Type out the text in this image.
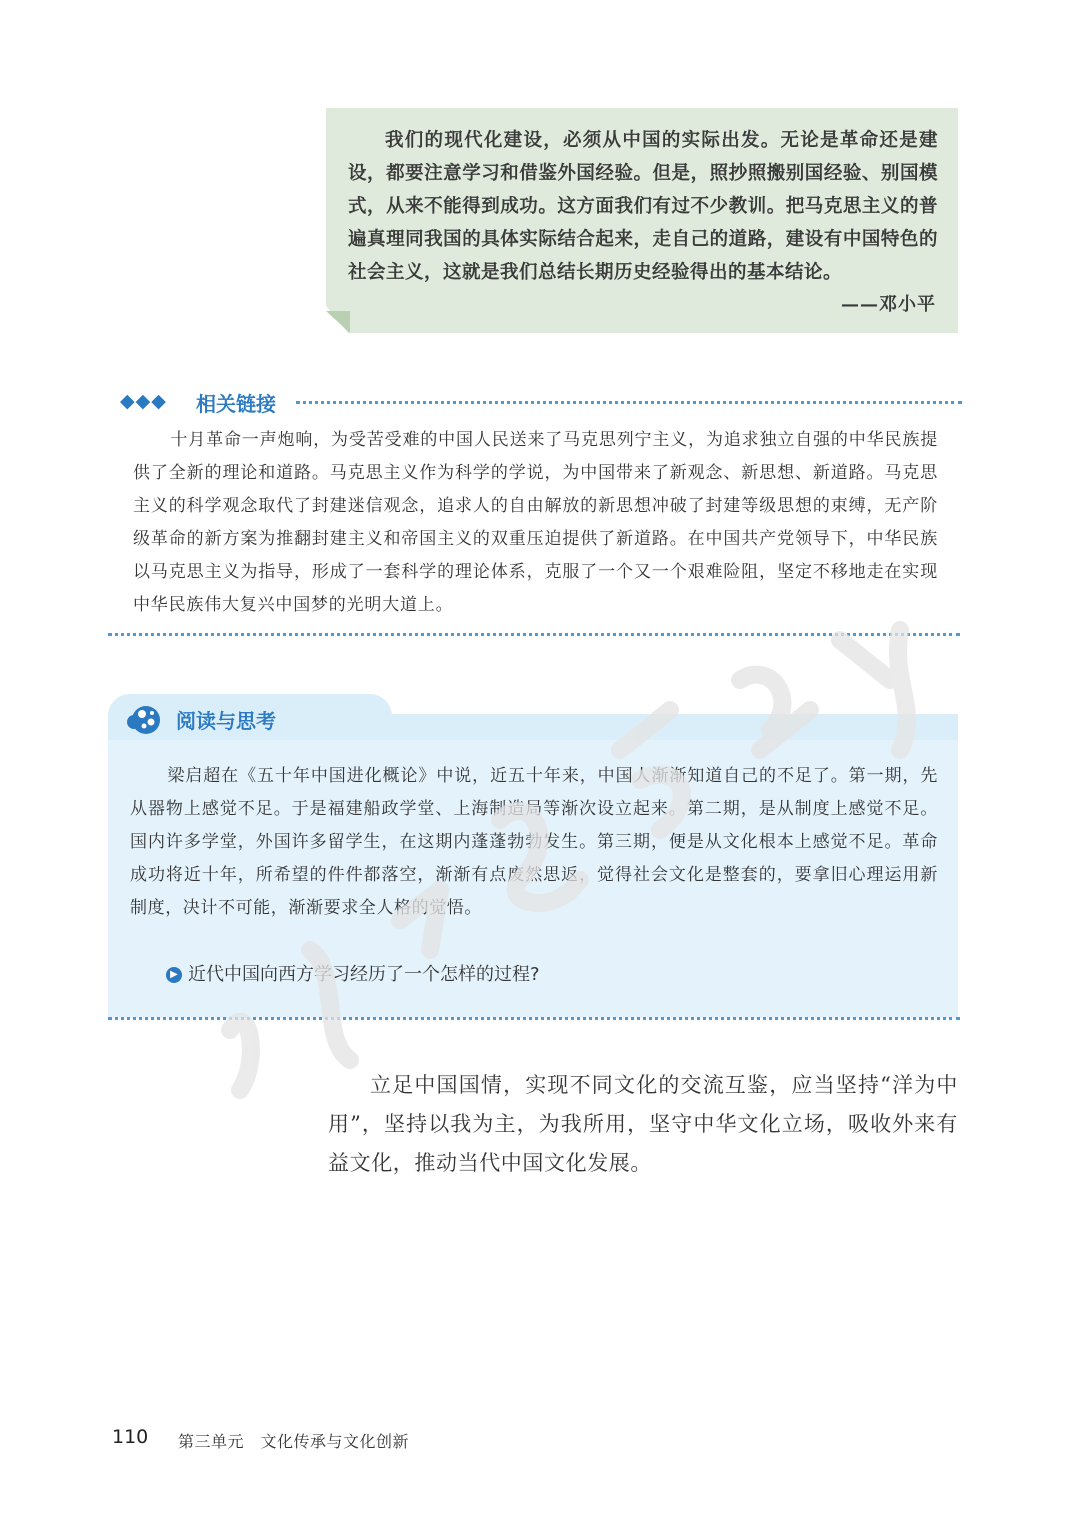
我们的现代化建设，必须从中国的实际出发。无论是革命还是建设，都要注意学习和借鉴外国经验。但是，照抄照搬别国经验、别国模式，从来不能得到成功。这方面我们有过不少教训。把马克思主义的普遍真理同我国的具体实际结合起来，走自己的道路，建设有中国特色的社会主义，这就是我们总结长期历史经验得出的基本结论。

——邓小平
◆◆◆ 相关链接

十月革命一声炮响，为受苦受难的中国人民送来了马克思列宁主义，为追求独立自强的中华民族提供了全新的理论和道路。马克思主义作为科学的学说，为中国带来了新观念、新思想、新道路。马克思主义的科学观念取代了封建迷信观念，追求人的自由解放的新思想冲破了封建等级思想的束缚，无产阶级革命的新方案为推翻封建主义和帝国主义的双重压迫提供了新道路。在中国共产党领导下，中华民族以马克思主义为指导，形成了一套科学的理论体系，克服了一个又一个艰难险阻，坚定不移地走在实现中华民族伟大复兴中国梦的光明大道上。

阅读与思考

梁启超在《五十年中国进化概论》中说，近五十年来，中国人渐渐知道自己的不足了。第一期，先从器物上感觉不足。于是福建船政学堂、上海制造局等渐次设立起来。第二期，是从制度上感觉不足。国内许多学堂，外国许多留学生，在这期内蓬蓬勃勃发生。第三期，便是从文化根本上感觉不足。革命成功将近十年，所希望的件件都落空，渐渐有点废然思返，觉得社会文化是整套的，要拿旧心理运用新制度，决计不可能，渐渐要求全人格的觉悟。

▶ 近代中国向西方学习经历了一个怎样的过程?

立足中国国情，实现不同文化的交流互鉴，应当坚持“洋为中用”，坚持以我为主，为我所用，坚守中华文化立场，吸收外来有益文化，推动当代中国文化发展。

110 第三单元　文化传承与文化创新
